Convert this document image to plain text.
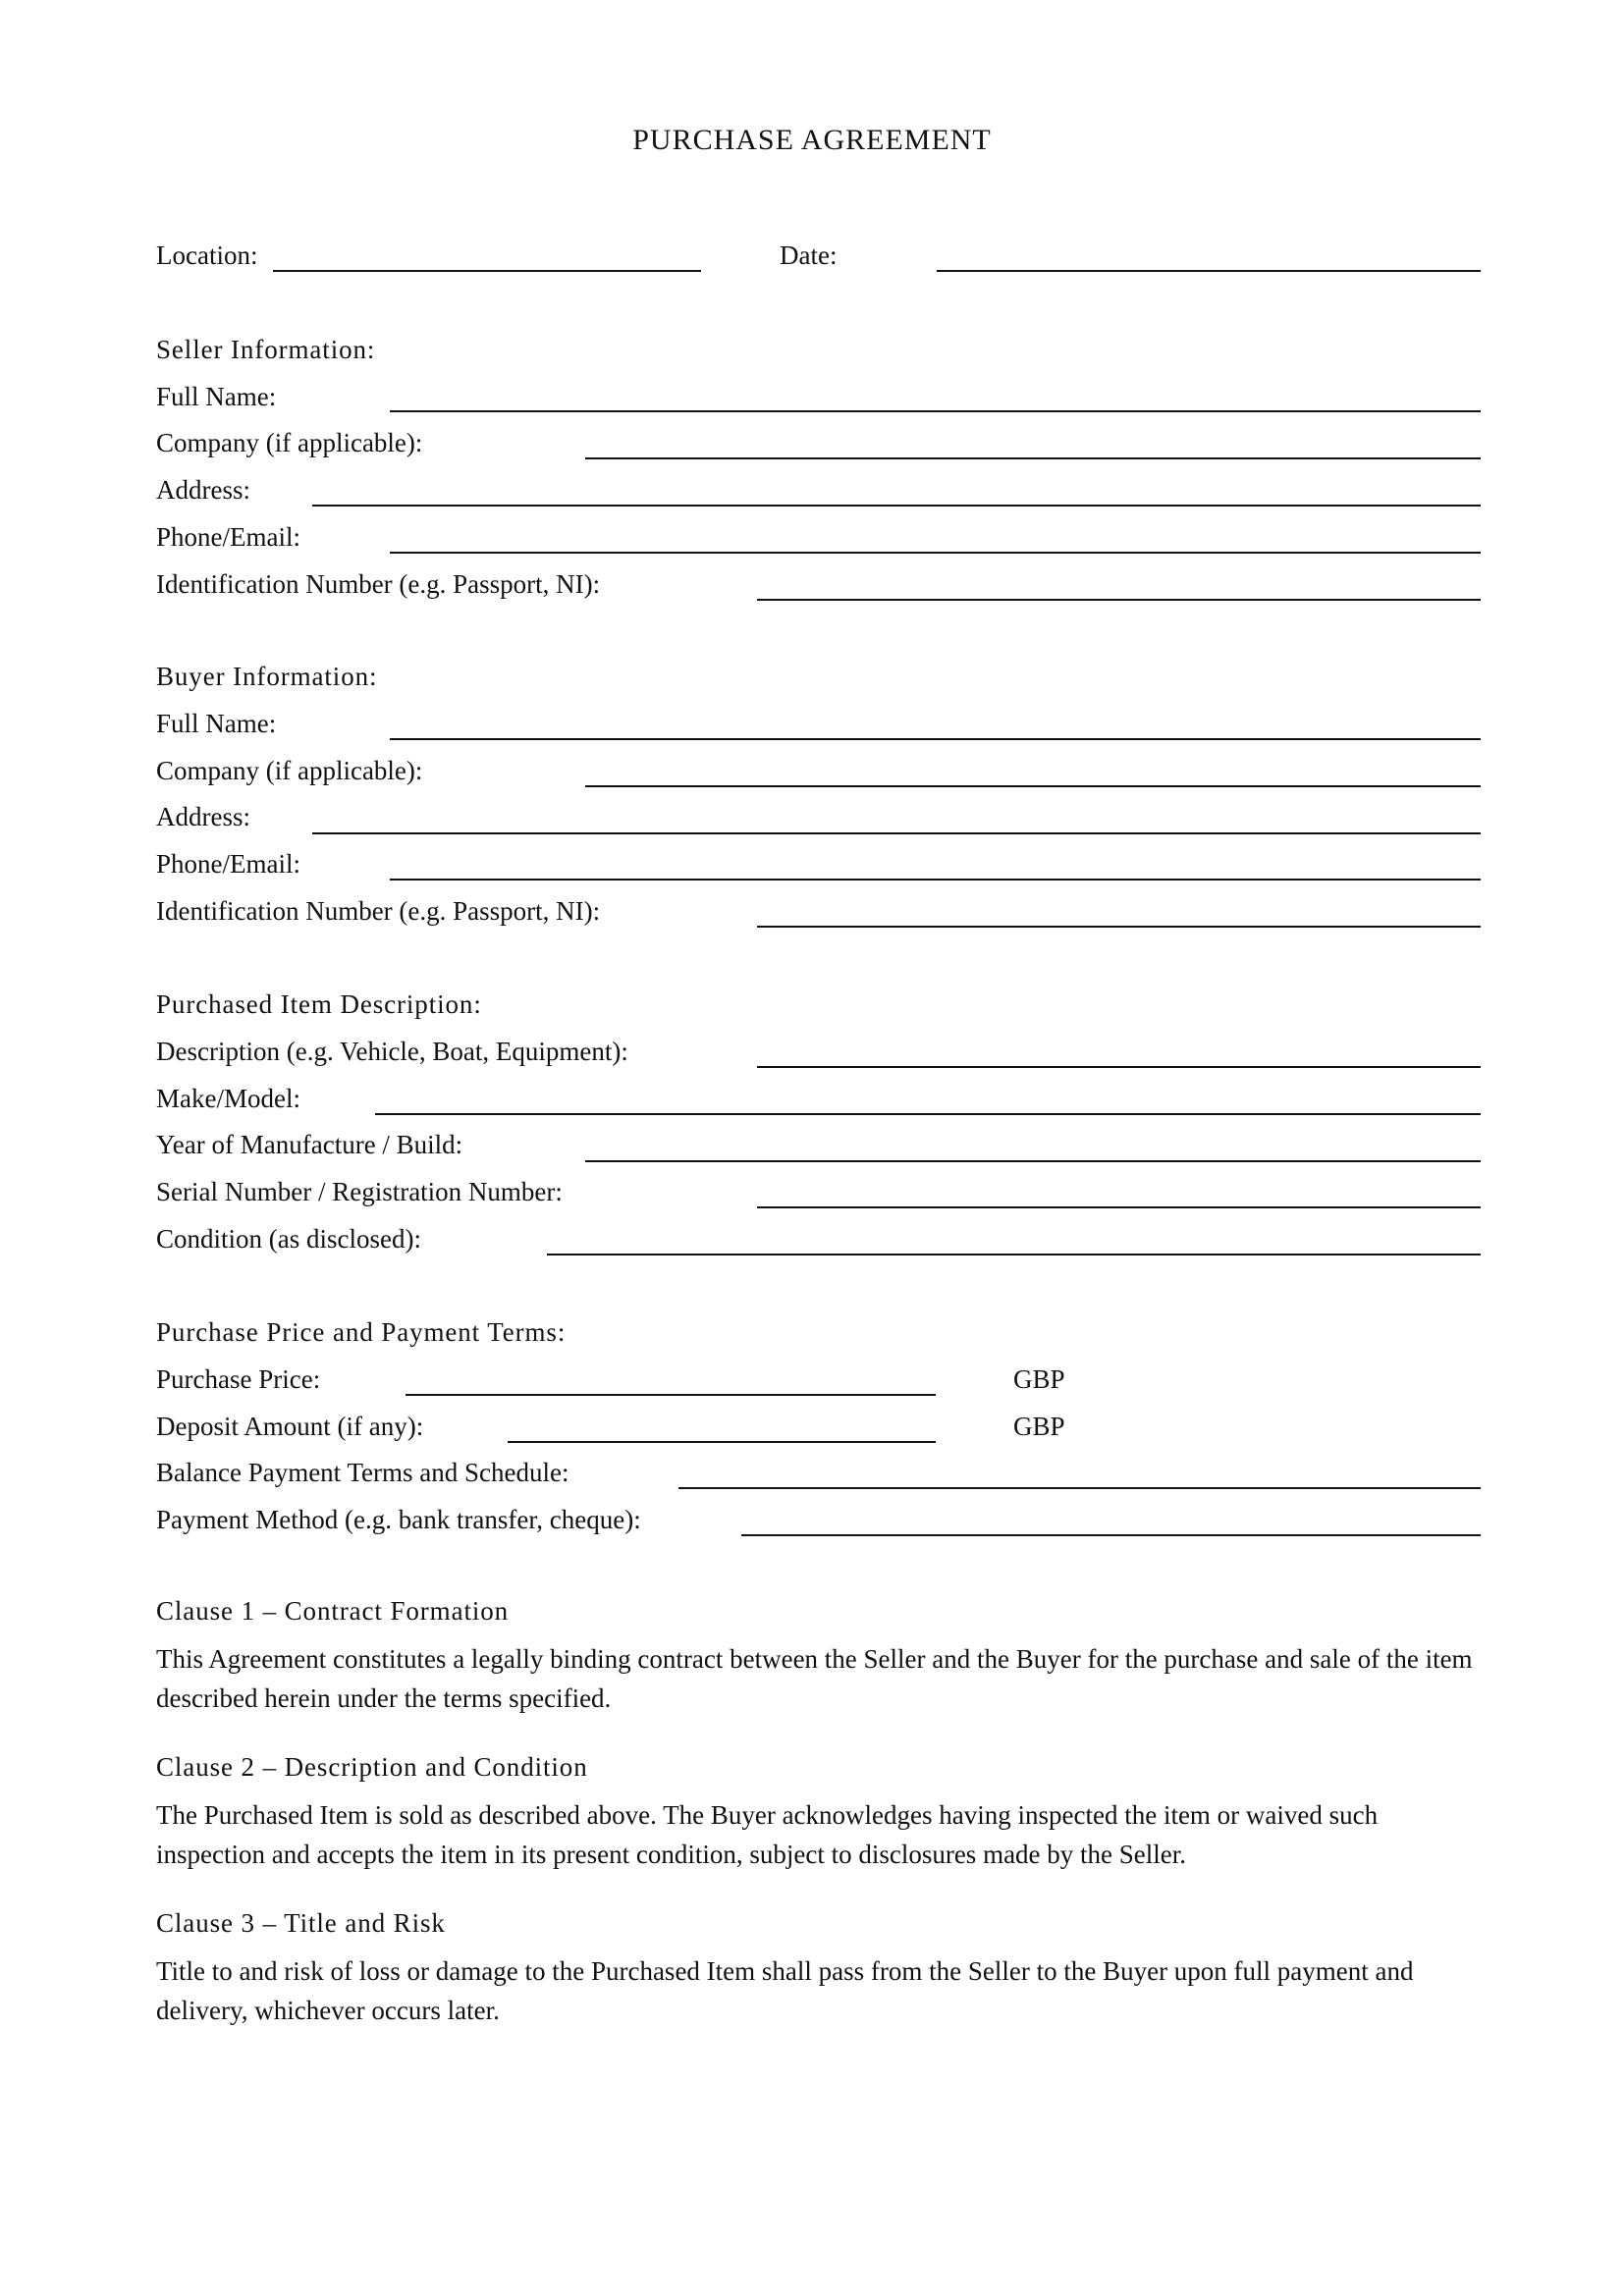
PURCHASE AGREEMENT
Location:	Date:
Seller Information:
Full Name:
Company (if applicable):
Address:
Phone/Email:
Identification Number (e.g. Passport, NI):
Buyer Information:
Full Name:
Company (if applicable):
Address:
Phone/Email:
Identification Number (e.g. Passport, NI):
Purchased Item Description:
Description (e.g. Vehicle, Boat, Equipment):
Make/Model:
Year of Manufacture / Build:
Serial Number / Registration Number:
Condition (as disclosed):
Purchase Price and Payment Terms:
Purchase Price:	GBP
Deposit Amount (if any):	GBP
Balance Payment Terms and Schedule:
Payment Method (e.g. bank transfer, cheque):
Clause 1 – Contract Formation

This Agreement constitutes a legally binding contract between the Seller and the Buyer for the purchase and sale of the item described herein under the terms specified.

Clause 2 – Description and Condition

The Purchased Item is sold as described above. The Buyer acknowledges having inspected the item or waived such inspection and accepts the item in its present condition, subject to disclosures made by the Seller.

Clause 3 – Title and Risk

Title to and risk of loss or damage to the Purchased Item shall pass from the Seller to the Buyer upon full payment and delivery, whichever occurs later.
